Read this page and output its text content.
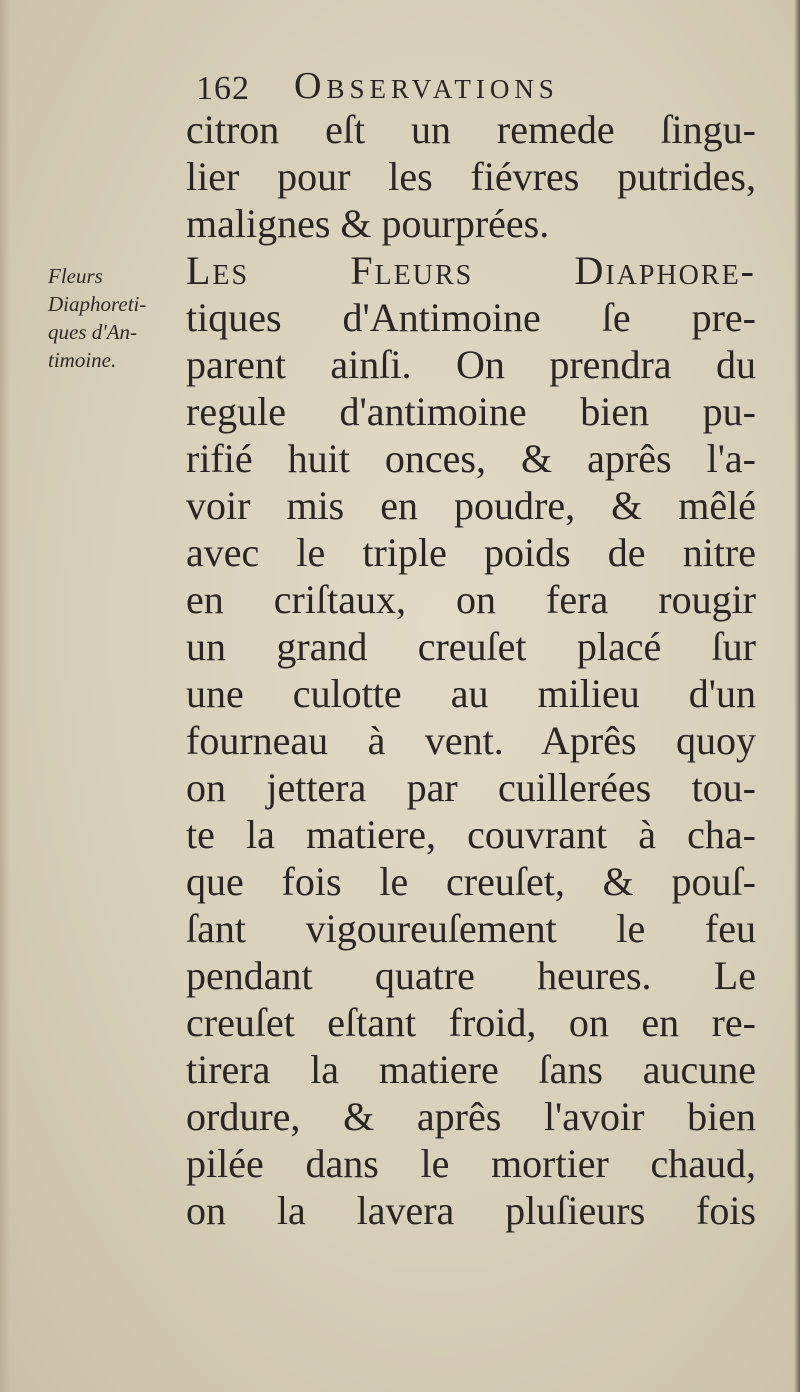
162 Observations
Fleurs
Diaphoreti-
ques d'An-
timoine.
citron eſt un remede ſingu-
lier pour les fiévres putrides,
malignes & pourprées.
Les Fleurs Diaphore-
tiques d'Antimoine ſe pre-
parent ainſi. On prendra du
regule d'antimoine bien pu-
rifié huit onces, & aprês l'a-
voir mis en poudre, & mêlé
avec le triple poids de nitre
en criſtaux, on fera rougir
un grand creuſet placé ſur
une culotte au milieu d'un
fourneau à vent. Aprês quoy
on jettera par cuillerées tou-
te la matiere, couvrant à cha-
que fois le creuſet, & pouſ-
ſant vigoureuſement le feu
pendant quatre heures. Le
creuſet eſtant froid, on en re-
tirera la matiere ſans aucune
ordure, & aprês l'avoir bien
pilée dans le mortier chaud,
on la lavera pluſieurs fois
